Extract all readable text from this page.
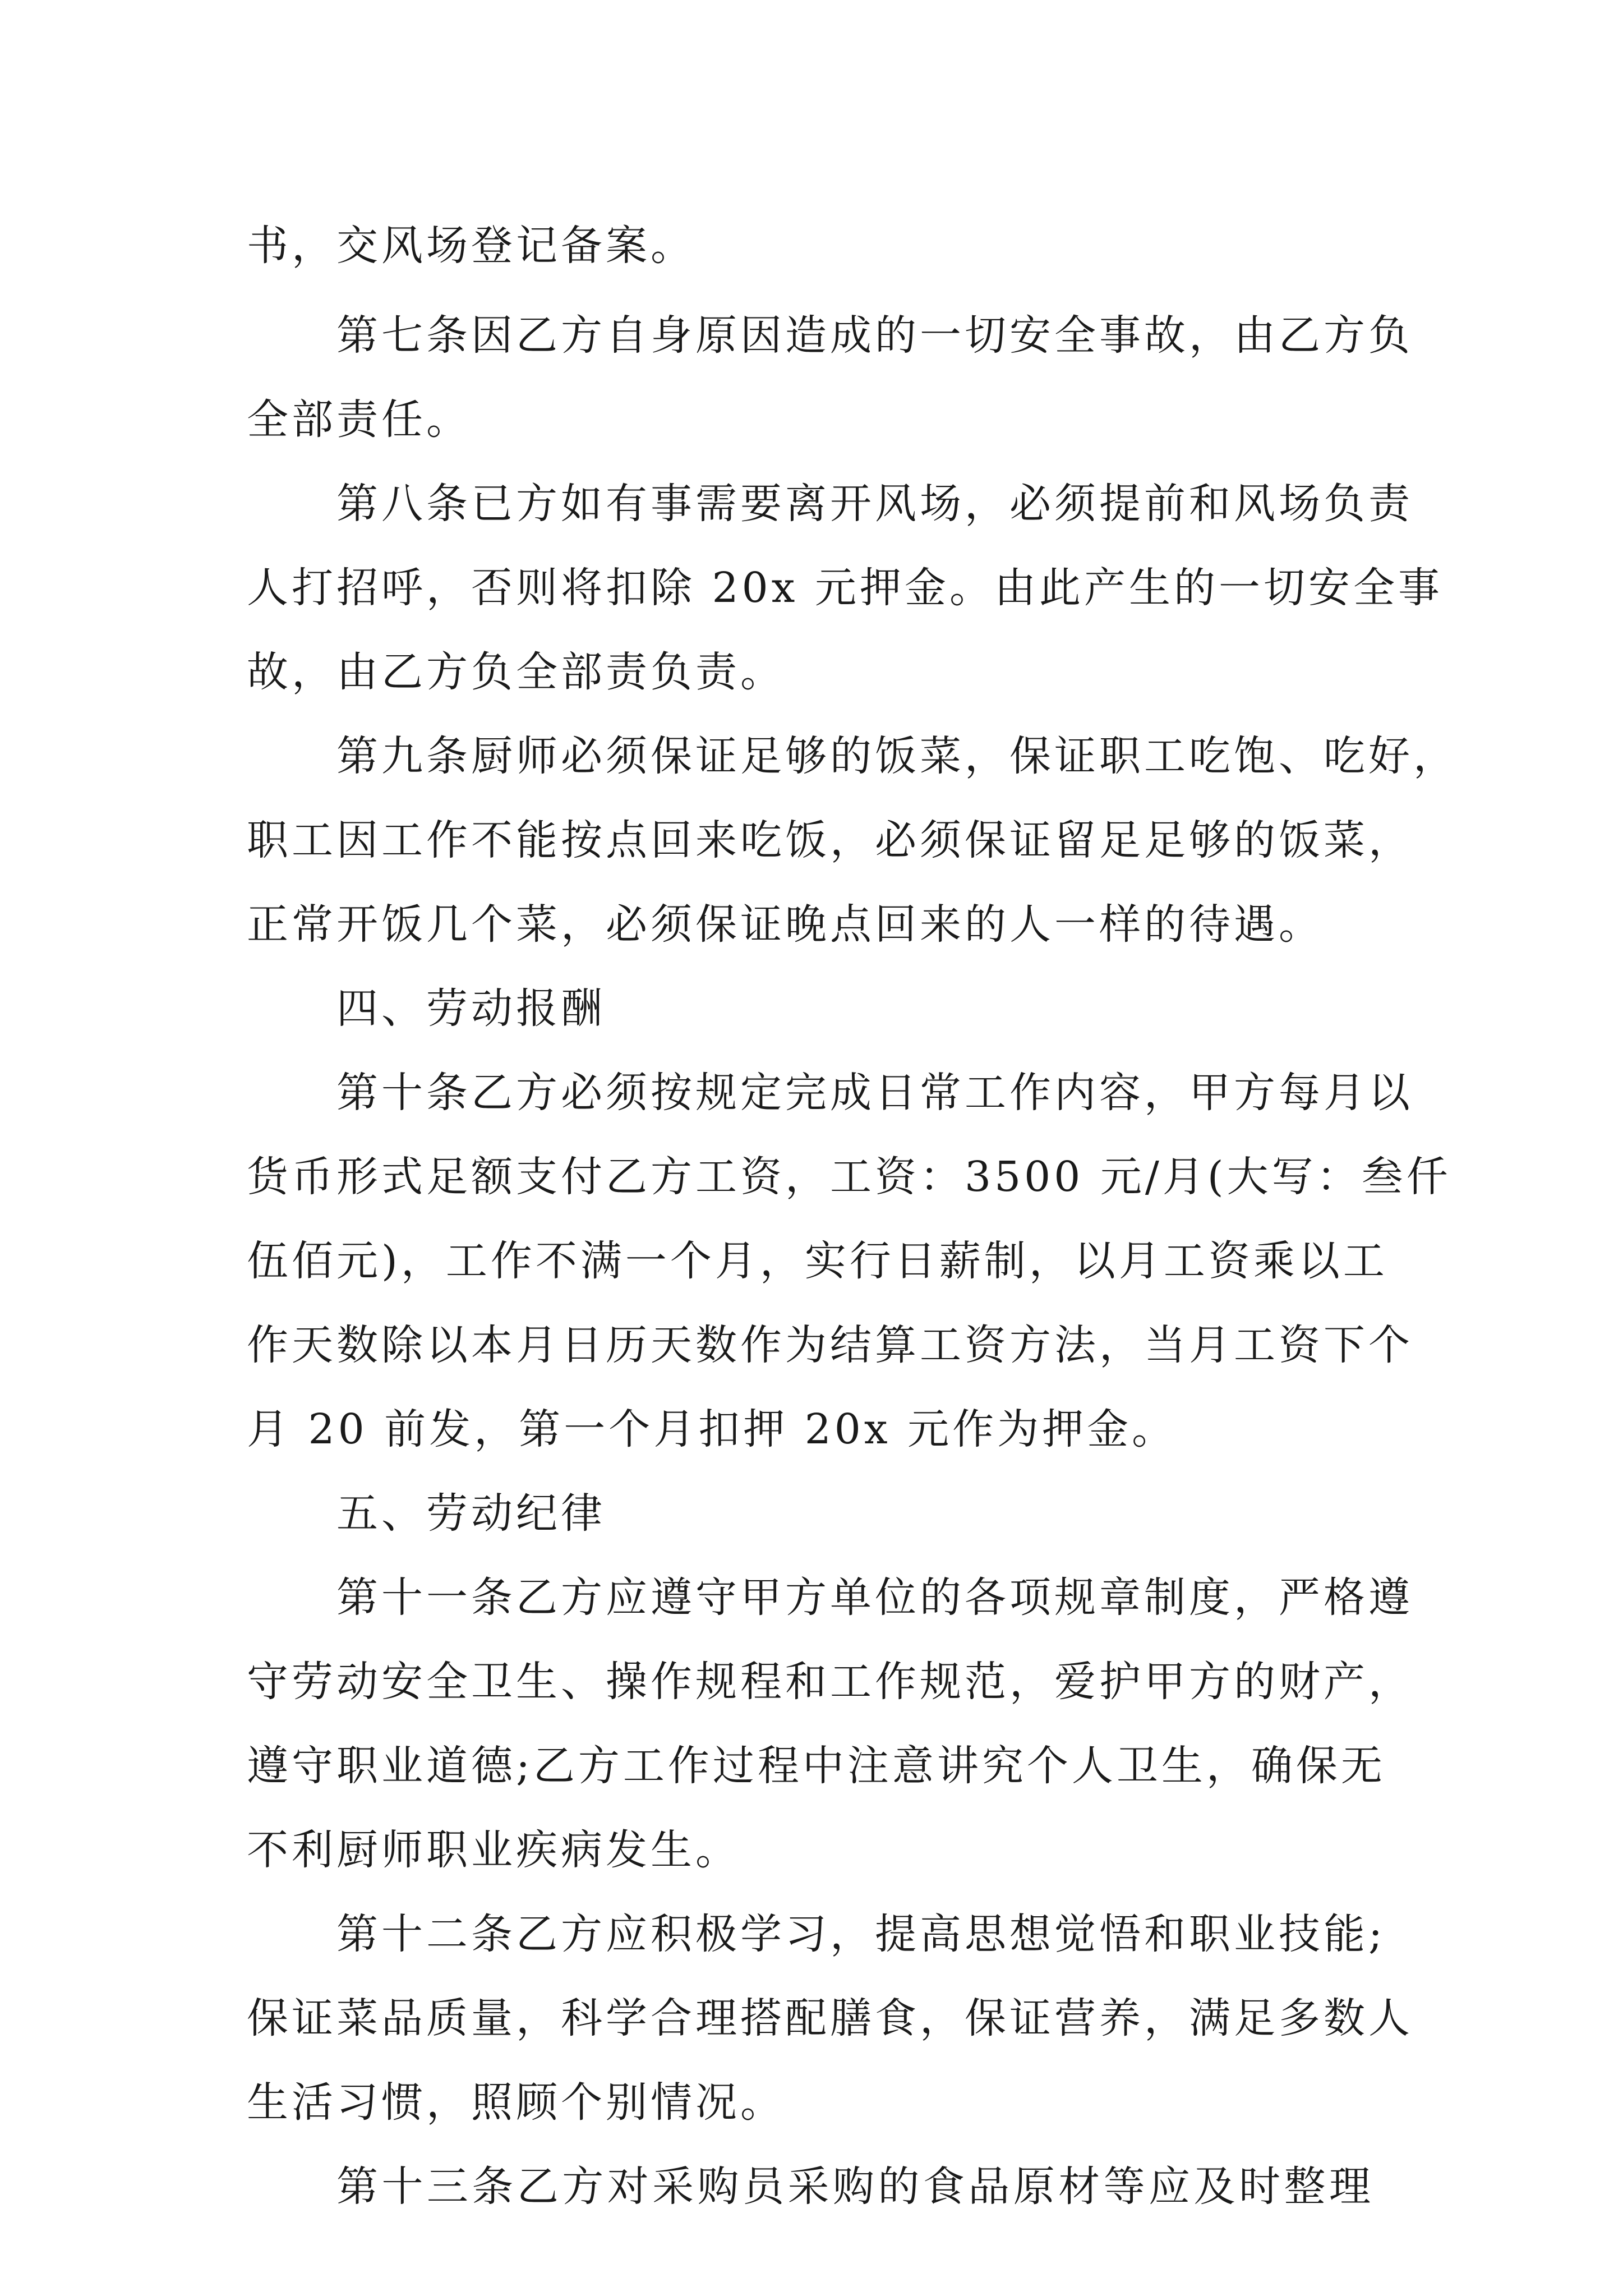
书，交风场登记备案。
第七条因乙方自身原因造成的一切安全事故，由乙方负
全部责任。
第八条已方如有事需要离开风场，必须提前和风场负责
人打招呼，否则将扣除 20x 元押金。由此产生的一切安全事
故，由乙方负全部责负责。
第九条厨师必须保证足够的饭菜，保证职工吃饱、吃好，
职工因工作不能按点回来吃饭，必须保证留足足够的饭菜，
正常开饭几个菜，必须保证晚点回来的人一样的待遇。
四、劳动报酬
第十条乙方必须按规定完成日常工作内容，甲方每月以
货币形式足额支付乙方工资，工资：3500 元/月(大写：叁仟
伍佰元)，工作不满一个月，实行日薪制，以月工资乘以工
作天数除以本月日历天数作为结算工资方法，当月工资下个
月 20 前发，第一个月扣押 20x 元作为押金。
五、劳动纪律
第十一条乙方应遵守甲方单位的各项规章制度，严格遵
守劳动安全卫生、操作规程和工作规范，爱护甲方的财产，
遵守职业道德;乙方工作过程中注意讲究个人卫生，确保无
不利厨师职业疾病发生。
第十二条乙方应积极学习，提高思想觉悟和职业技能;
保证菜品质量，科学合理搭配膳食，保证营养，满足多数人
生活习惯，照顾个别情况。
第十三条乙方对采购员采购的食品原材等应及时整理
